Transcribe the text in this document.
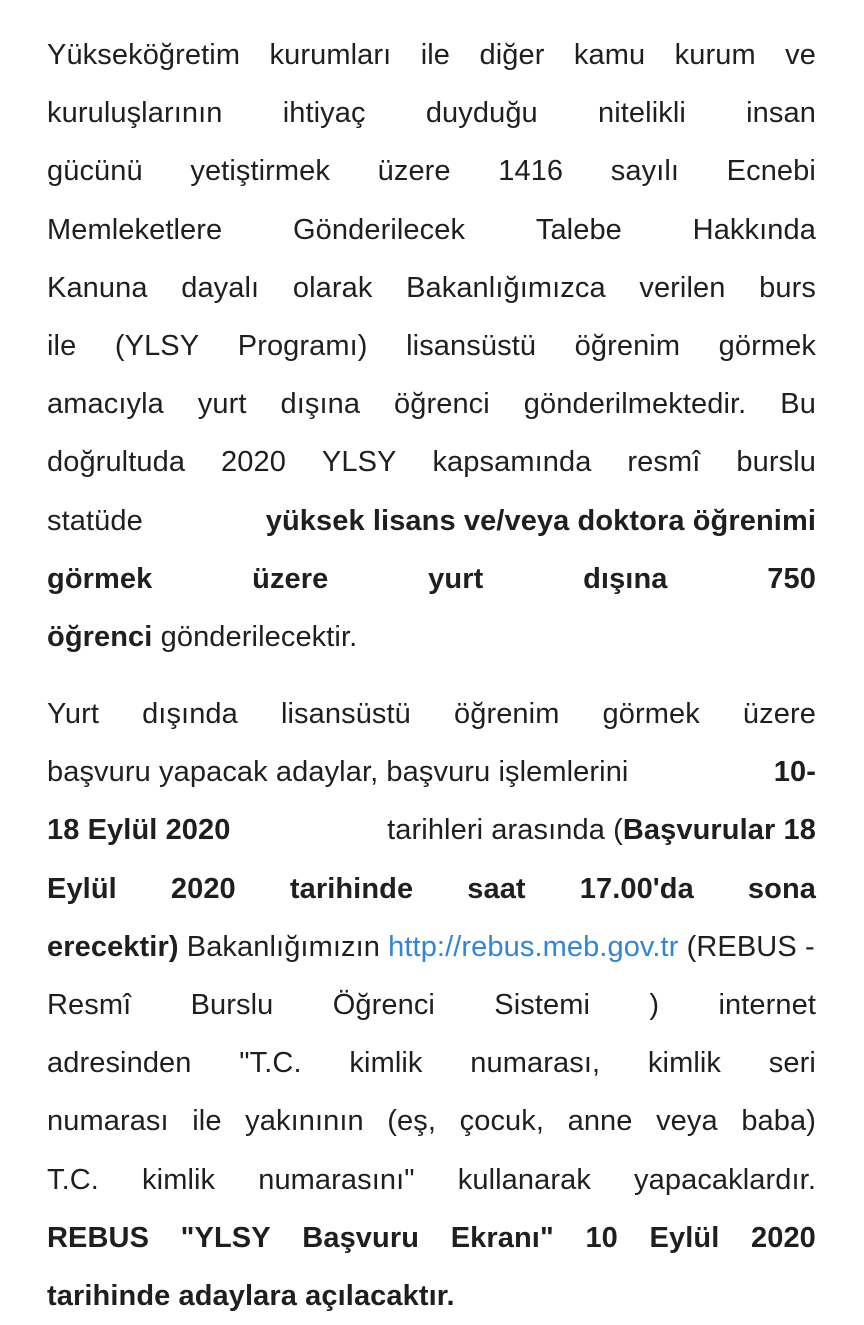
Yükseköğretim kurumları ile diğer kamu kurum ve
kuruluşlarının ihtiyaç duyduğu nitelikli insan
gücünü yetiştirmek üzere 1416 sayılı Ecnebi
Memleketlere Gönderilecek Talebe Hakkında
Kanuna dayalı olarak Bakanlığımızca verilen burs
ile (YLSY Programı) lisansüstü öğrenim görmek
amacıyla yurt dışına öğrenci gönderilmektedir. Bu
doğrultuda 2020 YLSY kapsamında resmî burslu
statüde	yüksek lisans ve/veya doktora öğrenimi
görmek	üzere	yurt	dışına	750
öğrenci gönderilecektir.
Yurt dışında lisansüstü öğrenim görmek üzere
başvuru yapacak adaylar, başvuru işlemlerini	10-
18 Eylül 2020	tarihleri arasında (Başvurular 18
Eylül 2020 tarihinde saat 17.00'da sona
erecektir) Bakanlığımızın http://rebus.meb.gov.tr (REBUS -
Resmî Burslu Öğrenci Sistemi ) internet
adresinden "T.C. kimlik numarası, kimlik seri
numarası ile yakınının (eş, çocuk, anne veya baba)
T.C. kimlik numarasını" kullanarak yapacaklardır.
REBUS "YLSY Başvuru Ekranı" 10 Eylül 2020
tarihinde adaylara açılacaktır.
